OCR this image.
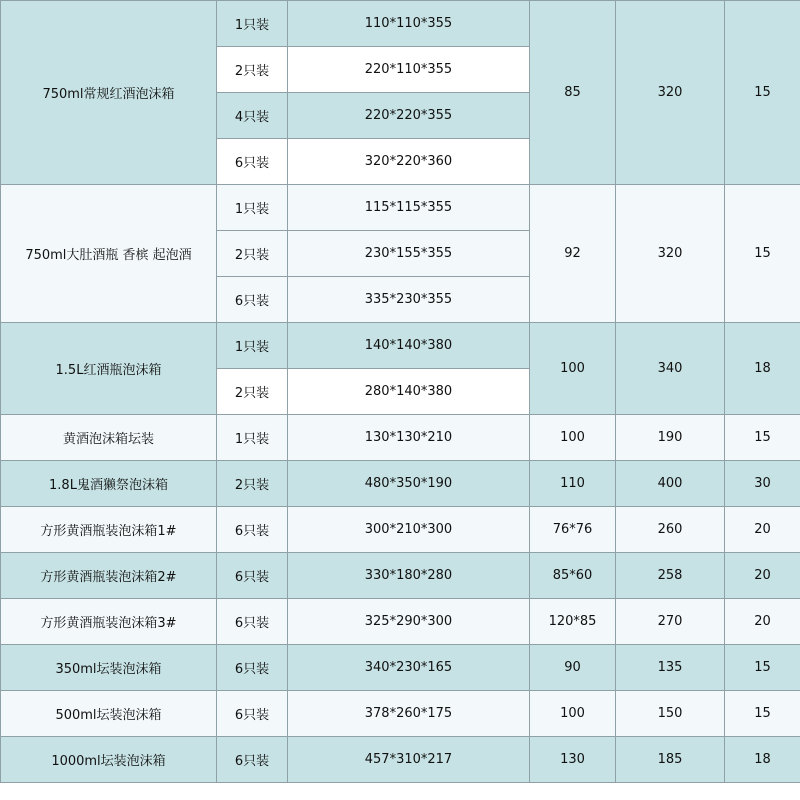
750ml常规红酒泡沫箱	1只装	110*110*355	85	320	15
	2只装	220*110*355			
	4只装	220*220*355			
	6只装	320*220*360			
750ml大肚酒瓶 香槟 起泡酒	1只装	115*115*355	92	320	15
	2只装	230*155*355			
	6只装	335*230*355			
1.5L红酒瓶泡沫箱	1只装	140*140*380	100	340	18
	2只装	280*140*380			
黄酒泡沫箱坛装	1只装	130*130*210	100	190	15
1.8L鬼酒獭祭泡沫箱	2只装	480*350*190	110	400	30
方形黄酒瓶装泡沫箱1#	6只装	300*210*300	76*76	260	20
方形黄酒瓶装泡沫箱2#	6只装	330*180*280	85*60	258	20
方形黄酒瓶装泡沫箱3#	6只装	325*290*300	120*85	270	20
350ml坛装泡沫箱	6只装	340*230*165	90	135	15
500ml坛装泡沫箱	6只装	378*260*175	100	150	15
1000ml坛装泡沫箱	6只装	457*310*217	130	185	18
